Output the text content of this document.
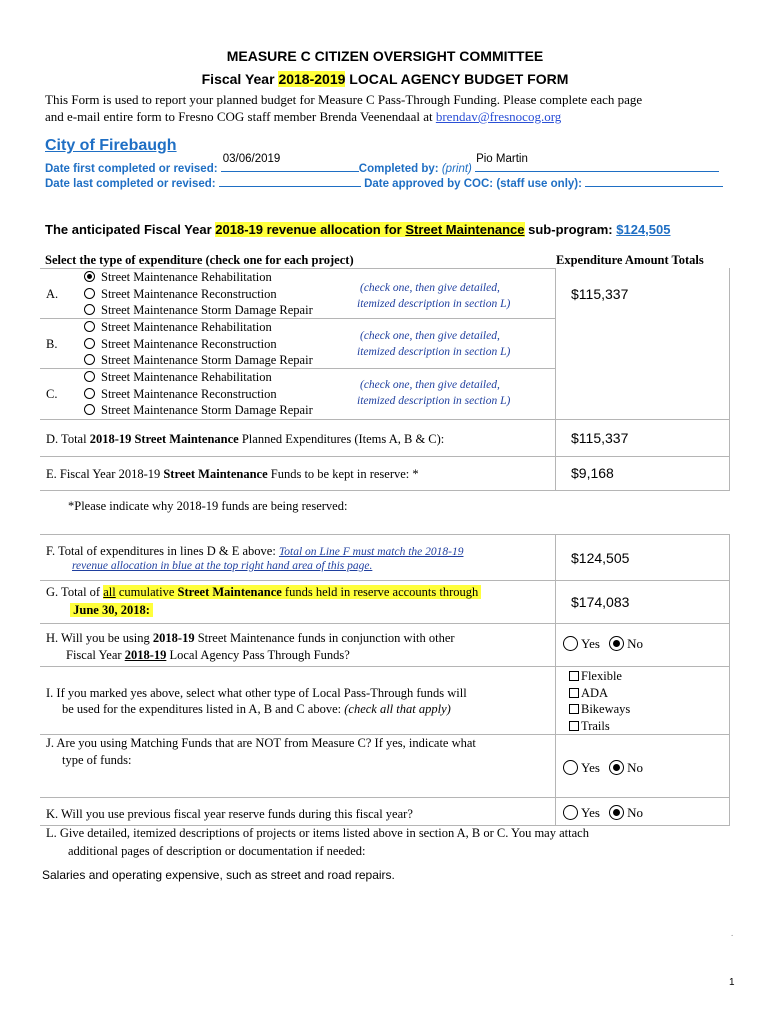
MEASURE C CITIZEN OVERSIGHT COMMITTEE
Fiscal Year 2018-2019 LOCAL AGENCY BUDGET FORM
This Form is used to report your planned budget for Measure C Pass-Through Funding. Please complete each page
and e-mail entire form to Fresno COG staff member Brenda Veenendaal at brendav@fresnocog.org
City of Firebaugh
Date first completed or revised:
03/06/2019
Completed by: (print)
Pio Martin
Date last completed or revised:	Date approved by COC: (staff use only):
The anticipated Fiscal Year 2018-19 revenue allocation for Street Maintenance sub-program: $124,505
Select the type of expenditure (check one for each project)	Expenditure Amount Totals
A.
Street Maintenance Rehabilitation
Street Maintenance Reconstruction
Street Maintenance Storm Damage Repair
(check one, then give detailed,
itemized description in section L)
$115,337
B.
Street Maintenance Rehabilitation
Street Maintenance Reconstruction
Street Maintenance Storm Damage Repair
(check one, then give detailed,
itemized description in section L)
C.
Street Maintenance Rehabilitation
Street Maintenance Reconstruction
Street Maintenance Storm Damage Repair
(check one, then give detailed,
itemized description in section L)
D. Total 2018-19 Street Maintenance Planned Expenditures (Items A, B & C):	$115,337
E. Fiscal Year 2018-19 Street Maintenance Funds to be kept in reserve: *	$9,168
*Please indicate why 2018-19 funds are being reserved:
F. Total of expenditures in lines D & E above: Total on Line F must match the 2018-19
revenue allocation in blue at the top right hand area of this page.	$124,505
G. Total of all cumulative Street Maintenance funds held in reserve accounts through
June 30, 2018:	$174,083
H. Will you be using 2018-19 Street Maintenance funds in conjunction with other
Fiscal Year 2018-19 Local Agency Pass Through Funds?
Yes No
I. If you marked yes above, select what other type of Local Pass-Through funds will
be used for the expenditures listed in A, B and C above: (check all that apply)
Flexible
ADA
Bikeways
Trails
J. Are you using Matching Funds that are NOT from Measure C? If yes, indicate what
type of funds:	Yes No
K. Will you use previous fiscal year reserve funds during this fiscal year?	Yes No
L. Give detailed, itemized descriptions of projects or items listed above in section A, B or C. You may attach
additional pages of description or documentation if needed:
Salaries and operating expensive, such as street and road repairs.
.
1
